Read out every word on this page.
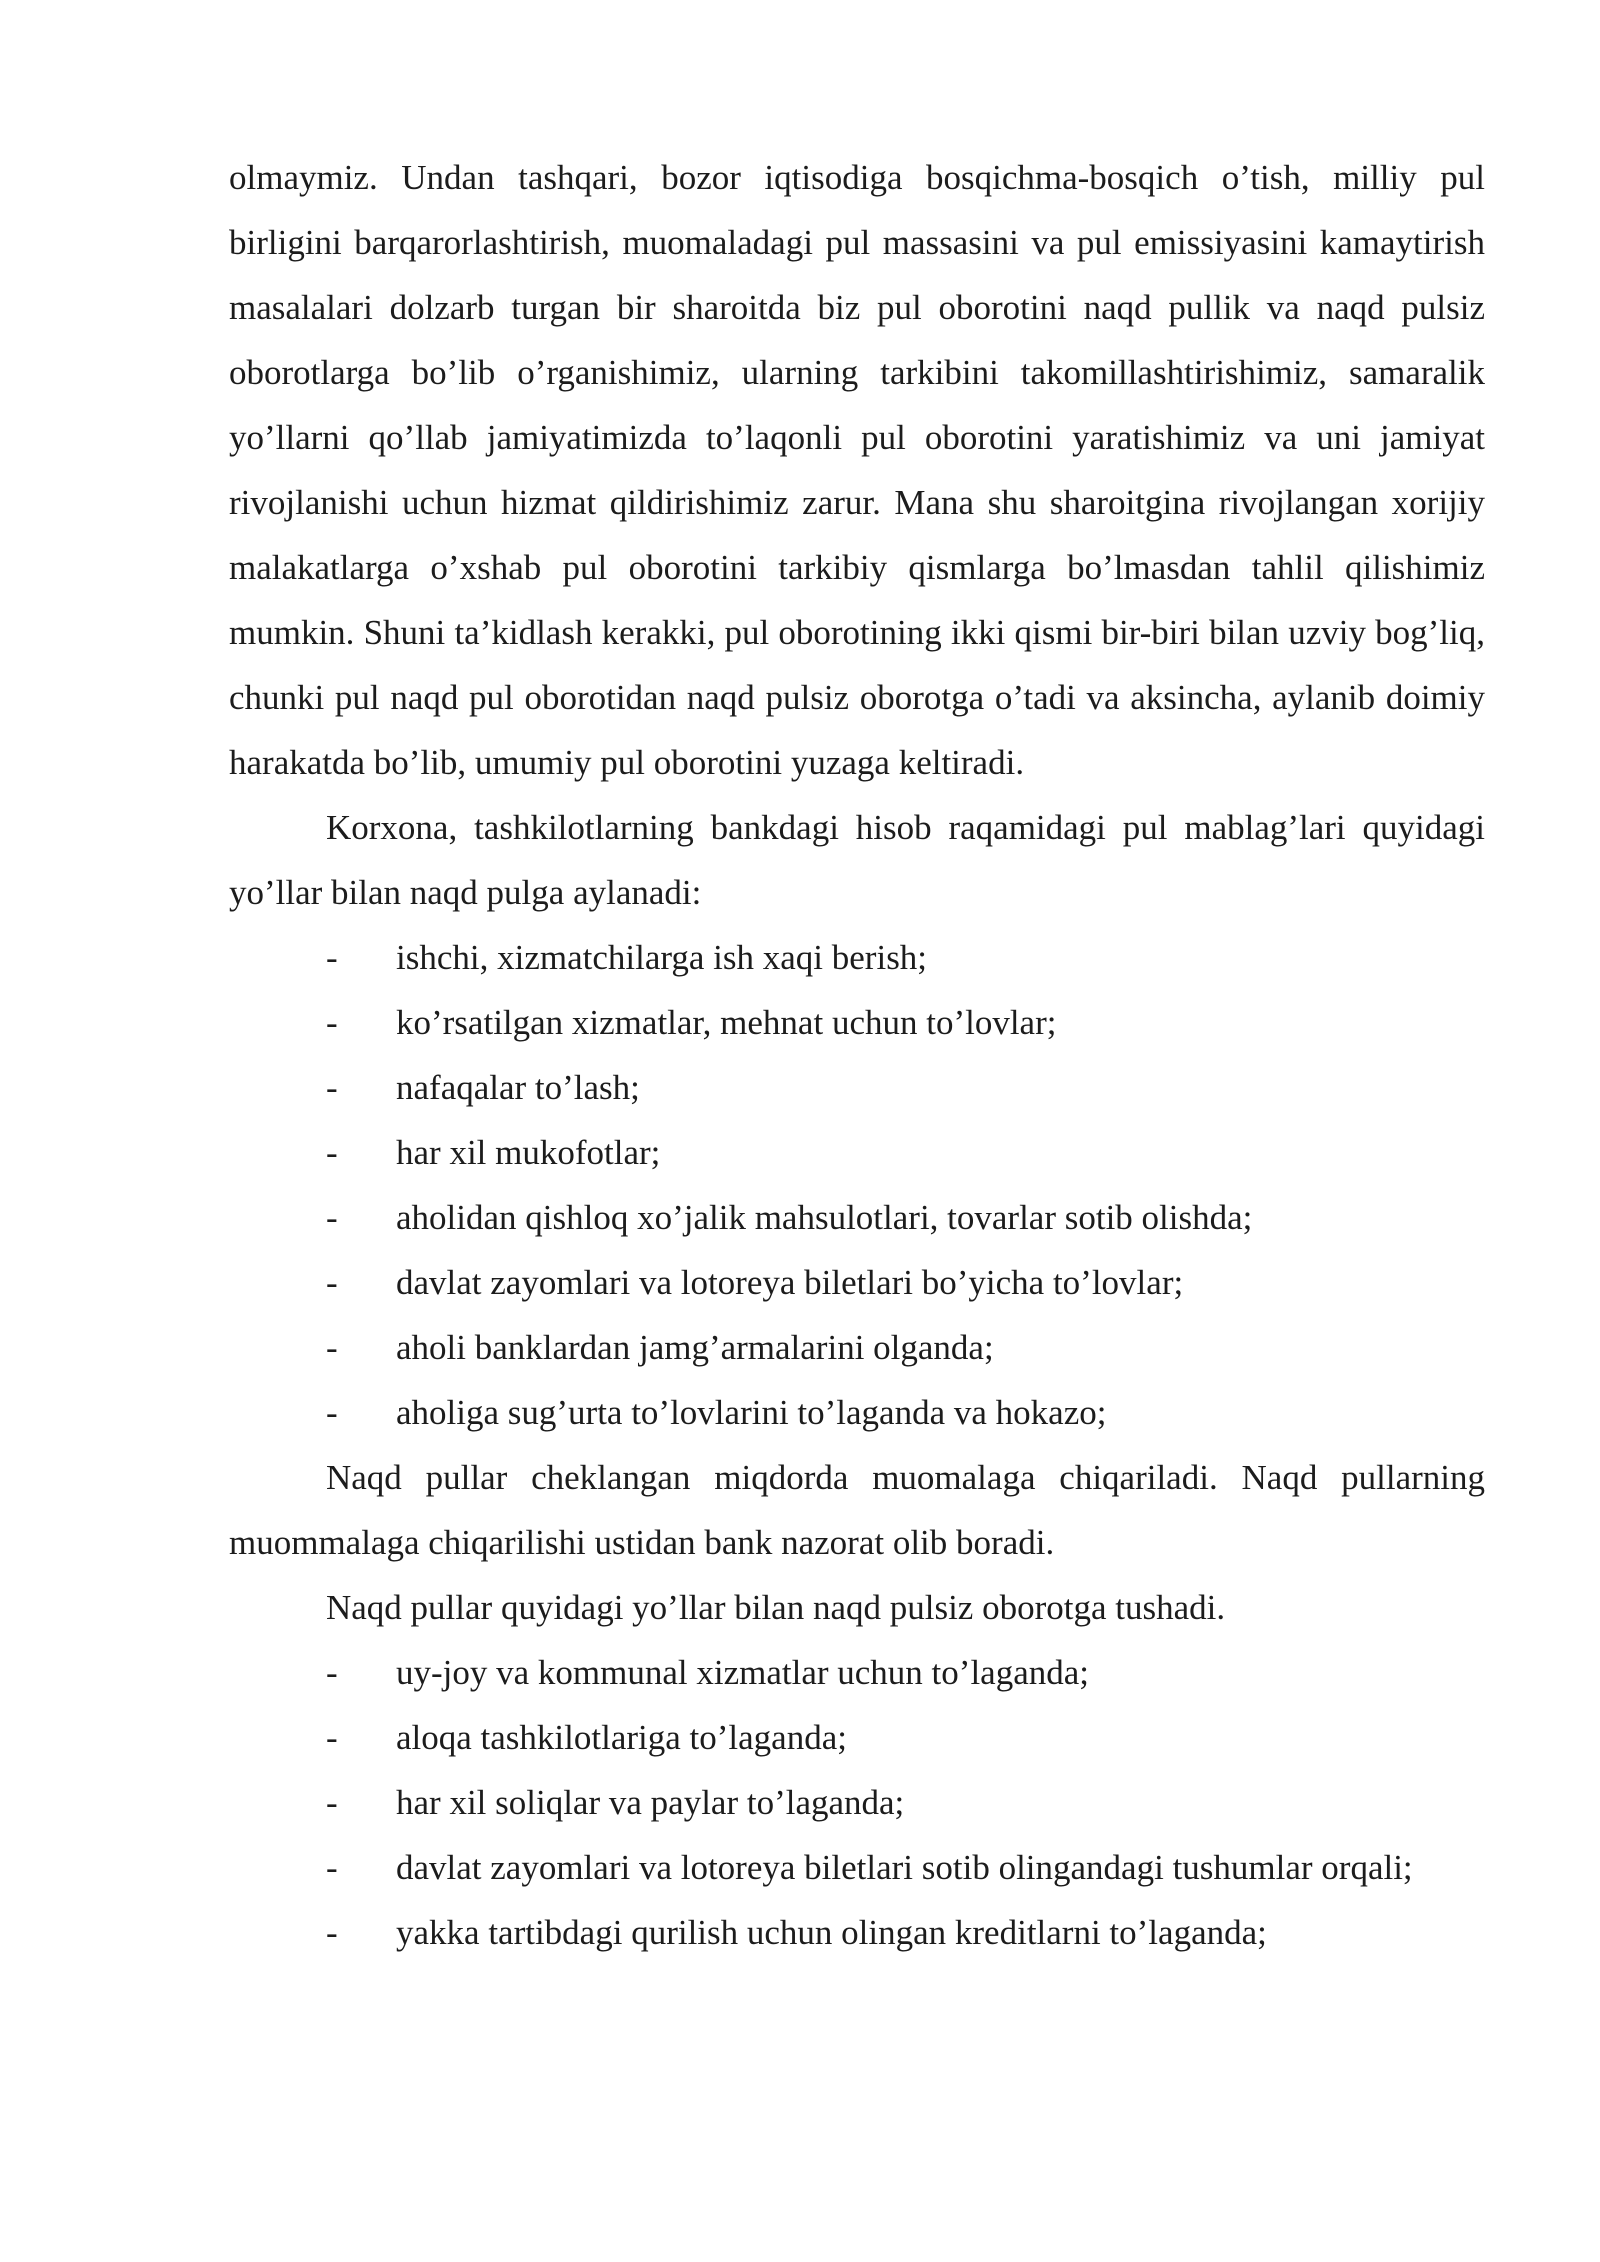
olmaymiz. Undan tashqari, bozor iqtisodiga bosqichma-bosqich o’tish, milliy pul birligini barqarorlashtirish, muomaladagi pul massasini va pul emissiyasini kamaytirish masalalari dolzarb turgan bir sharoitda biz pul oborotini naqd pullik va naqd pulsiz oborotlarga bo’lib o’rganishimiz, ularning tarkibini takomillashtirishimiz, samaralik yo’llarni qo’llab jamiyatimizda to’laqonli pul oborotini yaratishimiz va uni jamiyat rivojlanishi uchun hizmat qildirishimiz zarur. Mana shu sharoitgina rivojlangan xorijiy malakatlarga o’xshab pul oborotini tarkibiy qismlarga bo’lmasdan tahlil qilishimiz mumkin. Shuni ta’kidlash kerakki, pul oborotining ikki qismi bir-biri bilan uzviy bog’liq, chunki pul naqd pul oborotidan naqd pulsiz oborotga o’tadi va aksincha, aylanib doimiy harakatda bo’lib, umumiy pul oborotini yuzaga keltiradi.

Korxona, tashkilotlarning bankdagi hisob raqamidagi pul mablag’lari quyidagi yo’llar bilan naqd pulga aylanadi:

- ishchi, xizmatchilarga ish xaqi berish;
- ko’rsatilgan xizmatlar, mehnat uchun to’lovlar;
- nafaqalar to’lash;
- har xil mukofotlar;
- aholidan qishloq xo’jalik mahsulotlari, tovarlar sotib olishda;
- davlat zayomlari va lotoreya biletlari bo’yicha to’lovlar;
- aholi banklardan jamg’armalarini olganda;
- aholiga sug’urta to’lovlarini to’laganda va hokazo;

Naqd pullar cheklangan miqdorda muomalaga chiqariladi. Naqd pullarning muommalaga chiqarilishi ustidan bank nazorat olib boradi.

Naqd pullar quyidagi yo’llar bilan naqd pulsiz oborotga tushadi.

- uy-joy va kommunal xizmatlar uchun to’laganda;
- aloqa tashkilotlariga to’laganda;
- har xil soliqlar va paylar to’laganda;
- davlat zayomlari va lotoreya biletlari sotib olingandagi tushumlar orqali;
- yakka tartibdagi qurilish uchun olingan kreditlarni to’laganda;
